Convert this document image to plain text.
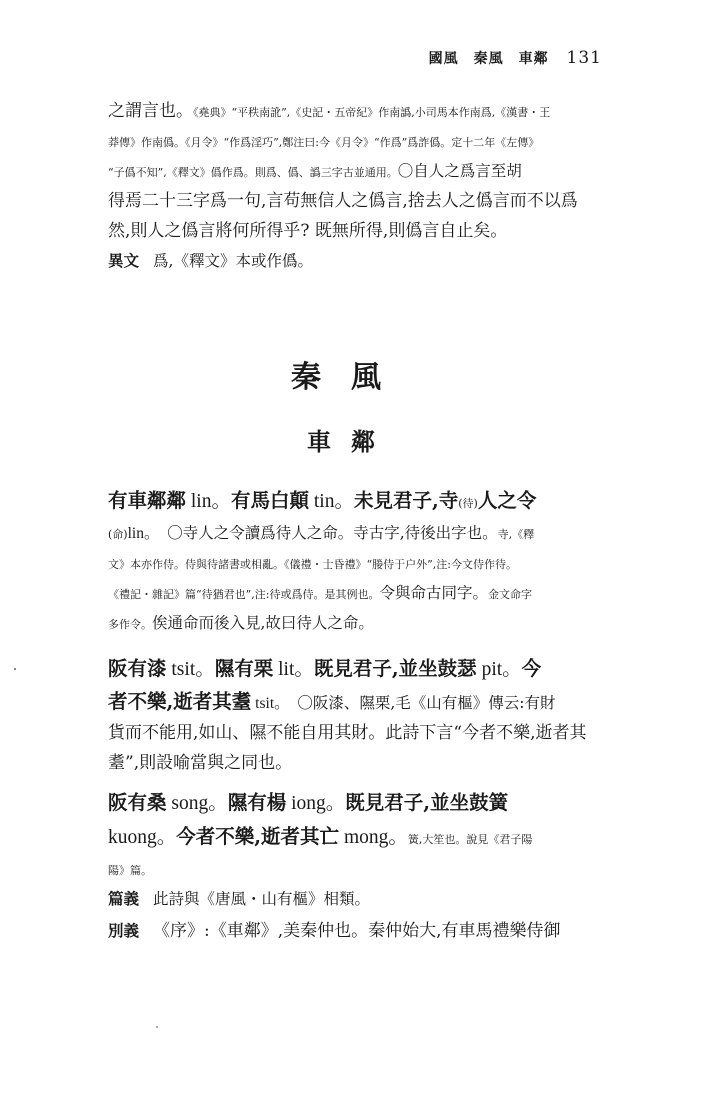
國風　秦風　車鄰 131
之謂言也。《堯典》“平秩南訛”,《史記・五帝紀》作南譌,小司馬本作南爲,《漢書・王
莽傳》作南僞。《月令》“作爲淫巧”,鄭注曰:今《月令》“作爲”爲詐僞。定十二年《左傳》
“子僞不知”,《釋文》僞作爲。則爲、僞、譌三字古並通用。〇自人之爲言至胡
得焉二十三字爲一句,言苟無信人之僞言,捨去人之僞言而不以爲
然,則人之僞言將何所得乎? 既無所得,則僞言自止矣。
異文 爲,《釋文》本或作僞。
秦風
車鄰
有車鄰鄰 lin。有馬白顛 tin。未見君子,寺(待)人之令
(命)lin。　〇寺人之令讀爲待人之命。寺古字,待後出字也。寺,《釋
文》本亦作侍。侍與待諸書或相亂。《儀禮・士昏禮》“媵侍于户外”,注:今文侍作待。
《禮記・雜記》篇“待猶君也”,注:待或爲侍。是其例也。令與命古同字。金文命字
多作令。俟通命而後入見,故曰待人之命。
阪有漆 tsit。隰有栗 lit。既見君子,並坐鼓瑟 pit。今
者不樂,逝者其耋 tsit。　〇阪漆、隰栗,毛《山有樞》傳云:有財
貨而不能用,如山、隰不能自用其財。此詩下言“今者不樂,逝者其
耋”,則設喻當與之同也。
阪有桑 song。隰有楊 iong。既見君子,並坐鼓簧
kuong。今者不樂,逝者其亡 mong。簧,大笙也。說見《君子陽
陽》篇。
篇義 此詩與《唐風・山有樞》相類。
別義 《序》:《車鄰》,美秦仲也。秦仲始大,有車馬禮樂侍御
